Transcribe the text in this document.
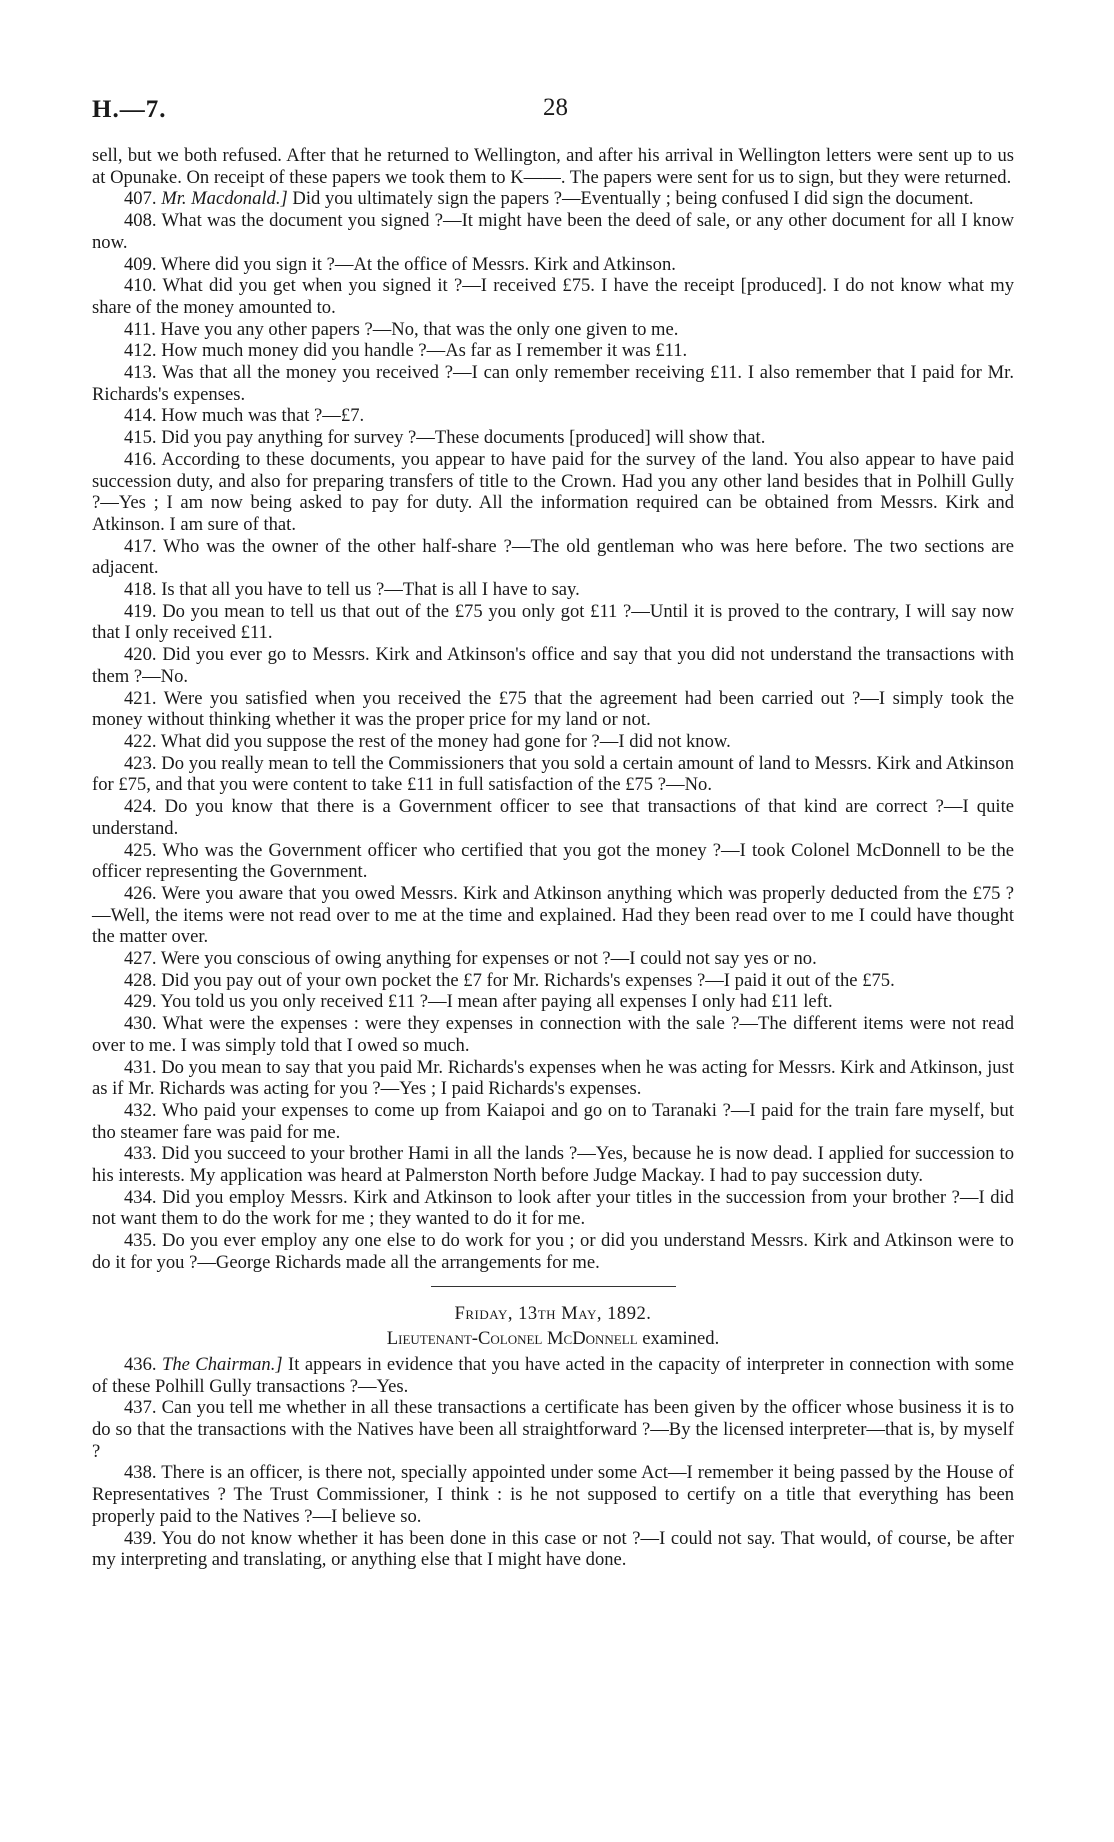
H.—7.	28

sell, but we both refused. After that he returned to Wellington, and after his arrival in Wellington letters were sent up to us at Opunake. On receipt of these papers we took them to K——. The papers were sent for us to sign, but they were returned.

407. Mr. Macdonald.] Did you ultimately sign the papers ?—Eventually ; being confused I did sign the document.

408. What was the document you signed ?—It might have been the deed of sale, or any other document for all I know now.

409. Where did you sign it ?—At the office of Messrs. Kirk and Atkinson.

410. What did you get when you signed it ?—I received £75. I have the receipt [produced]. I do not know what my share of the money amounted to.

411. Have you any other papers ?—No, that was the only one given to me.

412. How much money did you handle ?—As far as I remember it was £11.

413. Was that all the money you received ?—I can only remember receiving £11. I also remember that I paid for Mr. Richards's expenses.

414. How much was that ?—£7.

415. Did you pay anything for survey ?—These documents [produced] will show that.

416. According to these documents, you appear to have paid for the survey of the land. You also appear to have paid succession duty, and also for preparing transfers of title to the Crown. Had you any other land besides that in Polhill Gully ?—Yes ; I am now being asked to pay for duty. All the information required can be obtained from Messrs. Kirk and Atkinson. I am sure of that.

417. Who was the owner of the other half-share ?—The old gentleman who was here before. The two sections are adjacent.

418. Is that all you have to tell us ?—That is all I have to say.

419. Do you mean to tell us that out of the £75 you only got £11 ?—Until it is proved to the contrary, I will say now that I only received £11.

420. Did you ever go to Messrs. Kirk and Atkinson's office and say that you did not understand the transactions with them ?—No.

421. Were you satisfied when you received the £75 that the agreement had been carried out ?—I simply took the money without thinking whether it was the proper price for my land or not.

422. What did you suppose the rest of the money had gone for ?—I did not know.

423. Do you really mean to tell the Commissioners that you sold a certain amount of land to Messrs. Kirk and Atkinson for £75, and that you were content to take £11 in full satisfaction of the £75 ?—No.

424. Do you know that there is a Government officer to see that transactions of that kind are correct ?—I quite understand.

425. Who was the Government officer who certified that you got the money ?—I took Colonel McDonnell to be the officer representing the Government.

426. Were you aware that you owed Messrs. Kirk and Atkinson anything which was properly deducted from the £75 ?—Well, the items were not read over to me at the time and explained. Had they been read over to me I could have thought the matter over.

427. Were you conscious of owing anything for expenses or not ?—I could not say yes or no.

428. Did you pay out of your own pocket the £7 for Mr. Richards's expenses ?—I paid it out of the £75.

429. You told us you only received £11 ?—I mean after paying all expenses I only had £11 left.

430. What were the expenses : were they expenses in connection with the sale ?—The different items were not read over to me. I was simply told that I owed so much.

431. Do you mean to say that you paid Mr. Richards's expenses when he was acting for Messrs. Kirk and Atkinson, just as if Mr. Richards was acting for you ?—Yes ; I paid Richards's expenses.

432. Who paid your expenses to come up from Kaiapoi and go on to Taranaki ?—I paid for the train fare myself, but tho steamer fare was paid for me.

433. Did you succeed to your brother Hami in all the lands ?—Yes, because he is now dead. I applied for succession to his interests. My application was heard at Palmerston North before Judge Mackay. I had to pay succession duty.

434. Did you employ Messrs. Kirk and Atkinson to look after your titles in the succession from your brother ?—I did not want them to do the work for me ; they wanted to do it for me.

435. Do you ever employ any one else to do work for you ; or did you understand Messrs. Kirk and Atkinson were to do it for you ?—George Richards made all the arrangements for me.

Friday, 13th May, 1892.

Lieutenant-Colonel McDonnell examined.

436. The Chairman.] It appears in evidence that you have acted in the capacity of interpreter in connection with some of these Polhill Gully transactions ?—Yes.

437. Can you tell me whether in all these transactions a certificate has been given by the officer whose business it is to do so that the transactions with the Natives have been all straightforward ?—By the licensed interpreter—that is, by myself ?

438. There is an officer, is there not, specially appointed under some Act—I remember it being passed by the House of Representatives ? The Trust Commissioner, I think : is he not supposed to certify on a title that everything has been properly paid to the Natives ?—I believe so.

439. You do not know whether it has been done in this case or not ?—I could not say. That would, of course, be after my interpreting and translating, or anything else that I might have done.
